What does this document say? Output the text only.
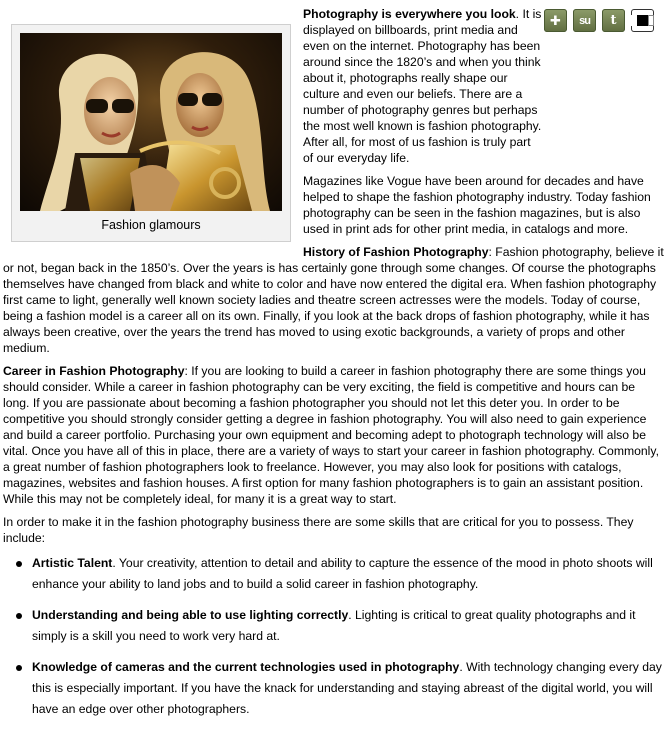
✚	su	t
Fashion glamours

Photography is everywhere you look. It is displayed on billboards, print media and even on the internet. Photography has been around since the 1820’s and when you think about it, photographs really shape our culture and even our beliefs. There are a number of photography genres but perhaps the most well known is fashion photography. After all, for most of us fashion is truly part of our everyday life.

Magazines like Vogue have been around for decades and have helped to shape the fashion photography industry. Today fashion photography can be seen in the fashion magazines, but is also used in print ads for other print media, in catalogs and more.

History of Fashion Photography: Fashion photography, believe it or not, began back in the 1850’s. Over the years is has certainly gone through some changes. Of course the photographs themselves have changed from black and white to color and have now entered the digital era. When fashion photography first came to light, generally well known society ladies and theatre screen actresses were the models. Today of course, being a fashion model is a career all on its own. Finally, if you look at the back drops of fashion photography, while it has always been creative, over the years the trend has moved to using exotic backgrounds, a variety of props and other medium.

Career in Fashion Photography: If you are looking to build a career in fashion photography there are some things you should consider. While a career in fashion photography can be very exciting, the field is competitive and hours can be long. If you are passionate about becoming a fashion photographer you should not let this deter you. In order to be competitive you should strongly consider getting a degree in fashion photography. You will also need to gain experience and build a career portfolio. Purchasing your own equipment and becoming adept to photograph technology will also be vital. Once you have all of this in place, there are a variety of ways to start your career in fashion photography. Commonly, a great number of fashion photographers look to freelance. However, you may also look for positions with catalogs, magazines, websites and fashion houses. A first option for many fashion photographers is to gain an assistant position. While this may not be completely ideal, for many it is a great way to start.

In order to make it in the fashion photography business there are some skills that are critical for you to possess. They include:

Artistic Talent. Your creativity, attention to detail and ability to capture the essence of the mood in photo shoots will enhance your ability to land jobs and to build a solid career in fashion photography.
Understanding and being able to use lighting correctly. Lighting is critical to great quality photographs and it simply is a skill you need to work very hard at.
Knowledge of cameras and the current technologies used in photography. With technology changing every day this is especially important. If you have the knack for understanding and staying abreast of the digital world, you will have an edge over other photographers.
